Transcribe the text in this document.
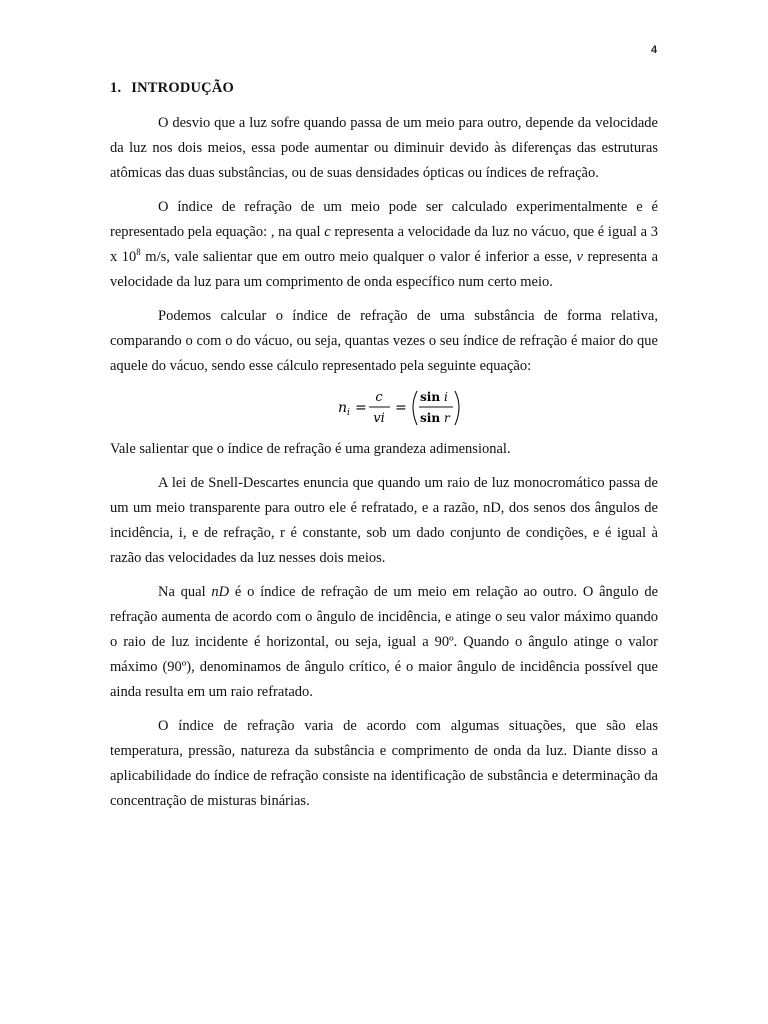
4
1. INTRODUÇÃO

O desvio que a luz sofre quando passa de um meio para outro, depende da velocidade da luz nos dois meios, essa pode aumentar ou diminuir devido às diferenças das estruturas atômicas das duas substâncias, ou de suas densidades ópticas ou índices de refração.

O índice de refração de um meio pode ser calculado experimentalmente e é representado pela equação: , na qual c representa a velocidade da luz no vácuo, que é igual a 3 x $10^8$ m/s, vale salientar que em outro meio qualquer o valor é inferior a esse, v representa a velocidade da luz para um comprimento de onda específico num certo meio.

Podemos calcular o índice de refração de uma substância de forma relativa, comparando o com o do vácuo, ou seja, quantas vezes o seu índice de refração é maior do que aquele do vácuo, sendo esse cálculo representado pela seguinte equação:

n i =
c
vi
=
sin i
sin r

Vale salientar que o índice de refração é uma grandeza adimensional.

A lei de Snell-Descartes enuncia que quando um raio de luz monocromático passa de um um meio transparente para outro ele é refratado, e a razão, nD, dos senos dos ângulos de incidência, i, e de refração, r é constante, sob um dado conjunto de condições, e é igual à razão das velocidades da luz nesses dois meios.

Na qual nD é o índice de refração de um meio em relação ao outro. O ângulo de refração aumenta de acordo com o ângulo de incidência, e atinge o seu valor máximo quando o raio de luz incidente é horizontal, ou seja, igual a 90º. Quando o ângulo atinge o valor máximo (90º), denominamos de ângulo crítico, é o maior ângulo de incidência possível que ainda resulta em um raio refratado.

O índice de refração varia de acordo com algumas situações, que são elas temperatura, pressão, natureza da substância e comprimento de onda da luz. Diante disso a aplicabilidade do índice de refração consiste na identificação de substância e determinação da concentração de misturas binárias.
